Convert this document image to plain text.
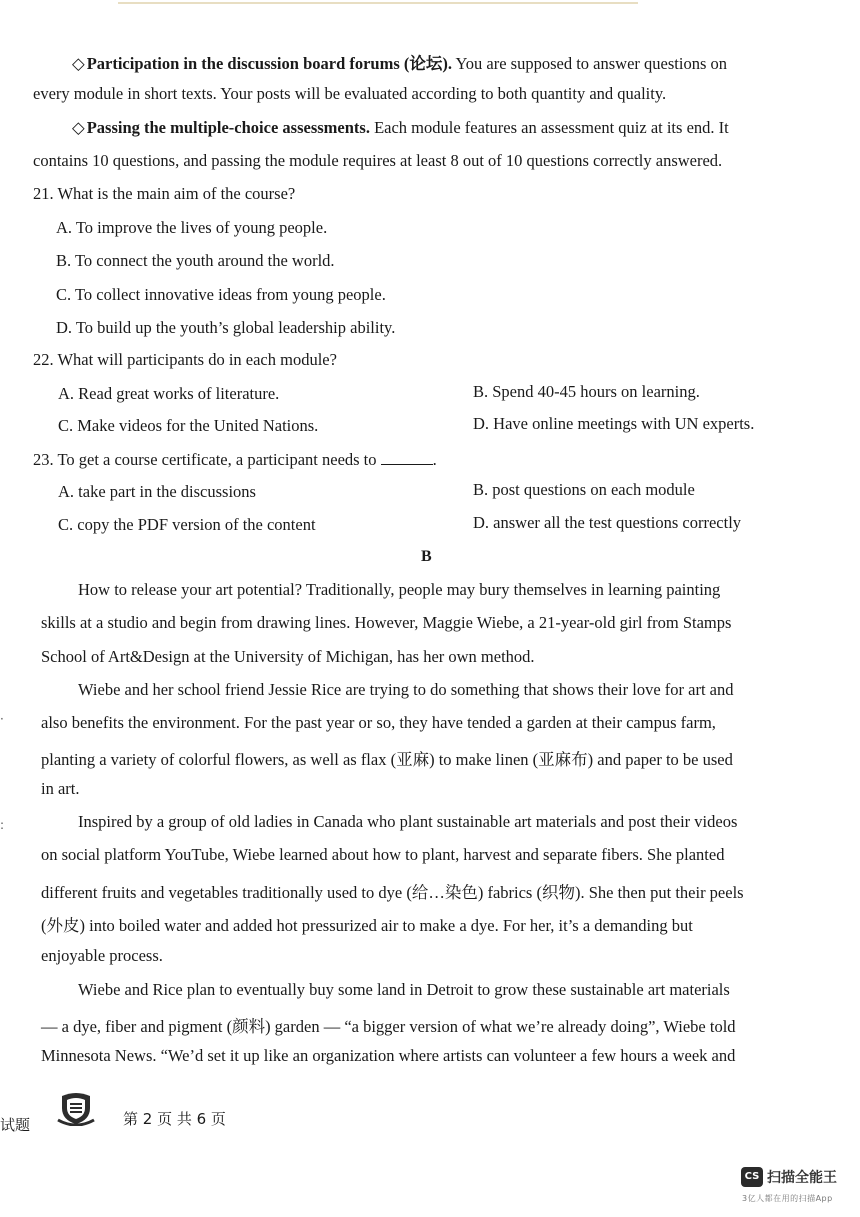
◇ Participation in the discussion board forums (论坛). You are supposed to answer questions on
every module in short texts. Your posts will be evaluated according to both quantity and quality.
◇ Passing the multiple-choice assessments. Each module features an assessment quiz at its end. It
contains 10 questions, and passing the module requires at least 8 out of 10 questions correctly answered.
21. What is the main aim of the course?
A. To improve the lives of young people.
B. To connect the youth around the world.
C. To collect innovative ideas from young people.
D. To build up the youth’s global leadership ability.
22. What will participants do in each module?
A. Read great works of literature.	B. Spend 40-45 hours on learning.
C. Make videos for the United Nations.	D. Have online meetings with UN experts.
23. To get a course certificate, a participant needs to	.
A. take part in the discussions	B. post questions on each module
C. copy the PDF version of the content	D. answer all the test questions correctly
B
How to release your art potential? Traditionally, people may bury themselves in learning painting
skills at a studio and begin from drawing lines. However, Maggie Wiebe, a 21-year-old girl from Stamps
School of Art&Design at the University of Michigan, has her own method.
Wiebe and her school friend Jessie Rice are trying to do something that shows their love for art and
also benefits the environment. For the past year or so, they have tended a garden at their campus farm,
planting a variety of colorful flowers, as well as flax (亚麻) to make linen (亚麻布) and paper to be used
in art.
Inspired by a group of old ladies in Canada who plant sustainable art materials and post their videos
on social platform YouTube, Wiebe learned about how to plant, harvest and separate fibers. She planted
different fruits and vegetables traditionally used to dye (给…染色) fabrics (织物). She then put their peels
(外皮) into boiled water and added hot pressurized air to make a dye. For her, it’s a demanding but
enjoyable process.
Wiebe and Rice plan to eventually buy some land in Detroit to grow these sustainable art materials
— a dye, fiber and pigment (颜料) garden — “a bigger version of what we’re already doing”, Wiebe told
Minnesota News. “We’d set it up like an organization where artists can volunteer a few hours a week and
·
:
试题	第 2 页 共 6 页
CS 扫描全能王
3亿人都在用的扫描App
